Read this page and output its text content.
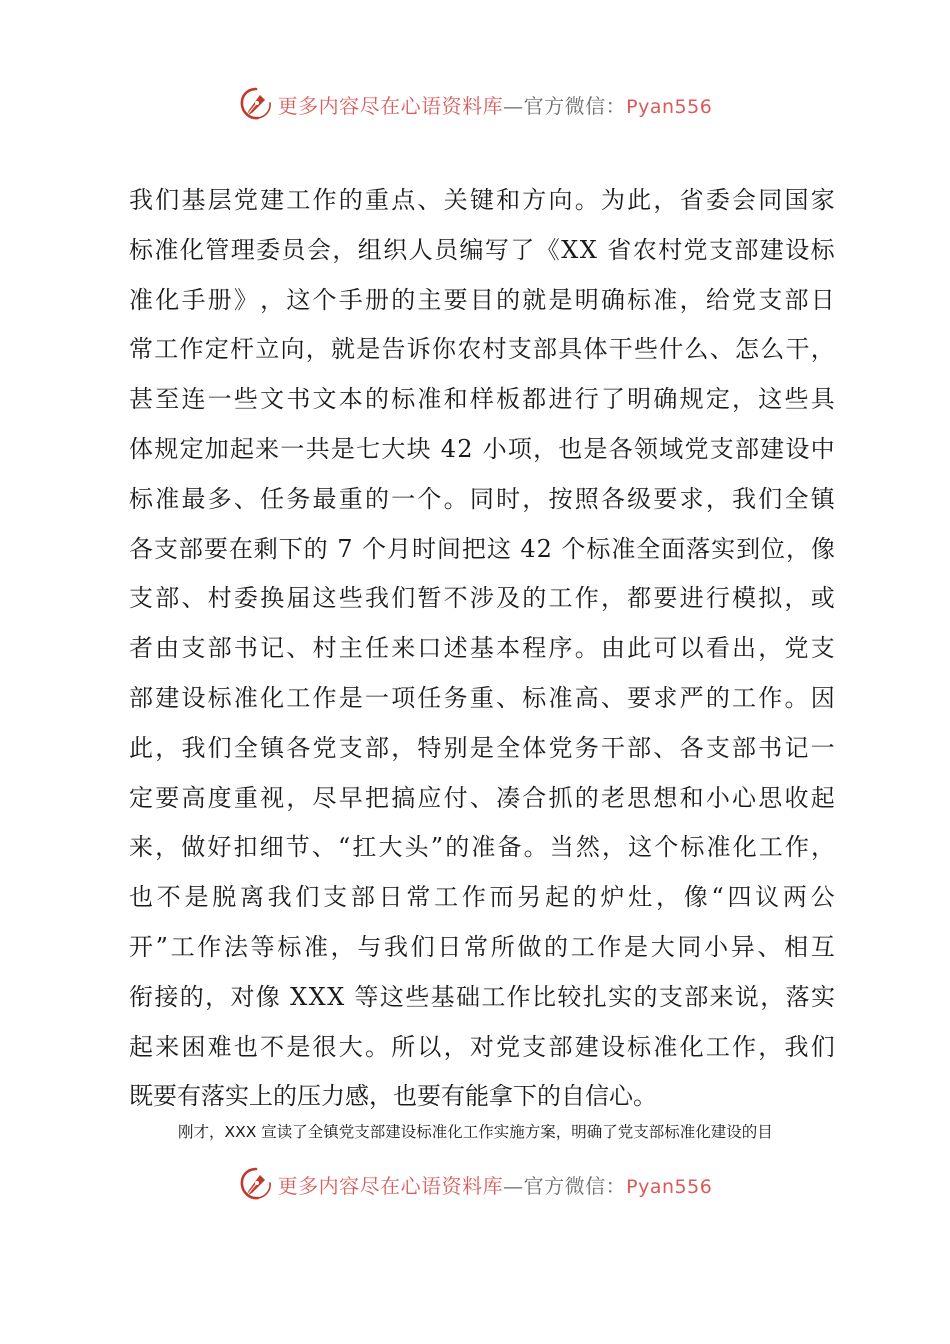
更多内容尽在心语资料库—官方微信：Pyan556
我 们 基 层 党 建 工 作 的 重 点 、 关 键 和 方 向 。 为 此 ， 省 委 会 同 国 家
标 准 化 管 理 委 员 会 ， 组 织 人 员 编 写 了 《 X X
省 农 村 党 支 部 建 设 标
准 化 手 册 》 ， 这 个 手 册 的 主 要 目 的 就 是 明 确 标 准 ， 给 党 支 部 日
常 工 作 定 杆 立 向 ， 就 是 告 诉 你 农 村 支 部 具 体 干 些 什 么 、 怎 么 干 ，
甚 至 连 一 些 文 书 文 本 的 标 准 和 样 板 都 进 行 了 明 确 规 定 ， 这 些 具
体 规 定 加 起 来 一 共 是 七 大 块
4 2
小 项 ， 也 是 各 领 域 党 支 部 建 设 中
标 准 最 多 、 任 务 最 重 的 一 个 。 同 时 ， 按 照 各 级 要 求 ， 我 们 全 镇
各 支 部 要 在 剩 下 的
7
个 月 时 间 把 这
4 2
个 标 准 全 面 落 实 到 位 ， 像
支 部 、 村 委 换 届 这 些 我 们 暂 不 涉 及 的 工 作 ， 都 要 进 行 模 拟 ， 或
者 由 支 部 书 记 、 村 主 任 来 口 述 基 本 程 序 。 由 此 可 以 看 出 ， 党 支
部 建 设 标 准 化 工 作 是 一 项 任 务 重 、 标 准 高 、 要 求 严 的 工 作 。 因
此 ， 我 们 全 镇 各 党 支 部 ， 特 别 是 全 体 党 务 干 部 、 各 支 部 书 记 一
定 要 高 度 重 视 ， 尽 早 把 搞 应 付 、 凑 合 抓 的 老 思 想 和 小 心 思 收 起
来 ， 做 好 扣 细 节 、 “ 扛 大 头 ” 的 准 备 。 当 然 ， 这 个 标 准 化 工 作 ，
也 不 是 脱 离 我 们 支 部 日 常 工 作 而 另 起 的 炉 灶 ， 像 “ 四 议 两 公
开 ” 工 作 法 等 标 准 ， 与 我 们 日 常 所 做 的 工 作 是 大 同 小 异 、 相 互
衔 接 的 ， 对 像
X X X
等 这 些 基 础 工 作 比 较 扎 实 的 支 部 来 说 ， 落 实
起 来 困 难 也 不 是 很 大 。 所 以 ， 对 党 支 部 建 设 标 准 化 工 作 ， 我 们
既要有落实上的压力感，也要有能拿下的自信心。
刚才，XXX 宣读了全镇党支部建设标准化工作实施方案，明确了党支部标准化建设的目
更多内容尽在心语资料库—官方微信：Pyan556
